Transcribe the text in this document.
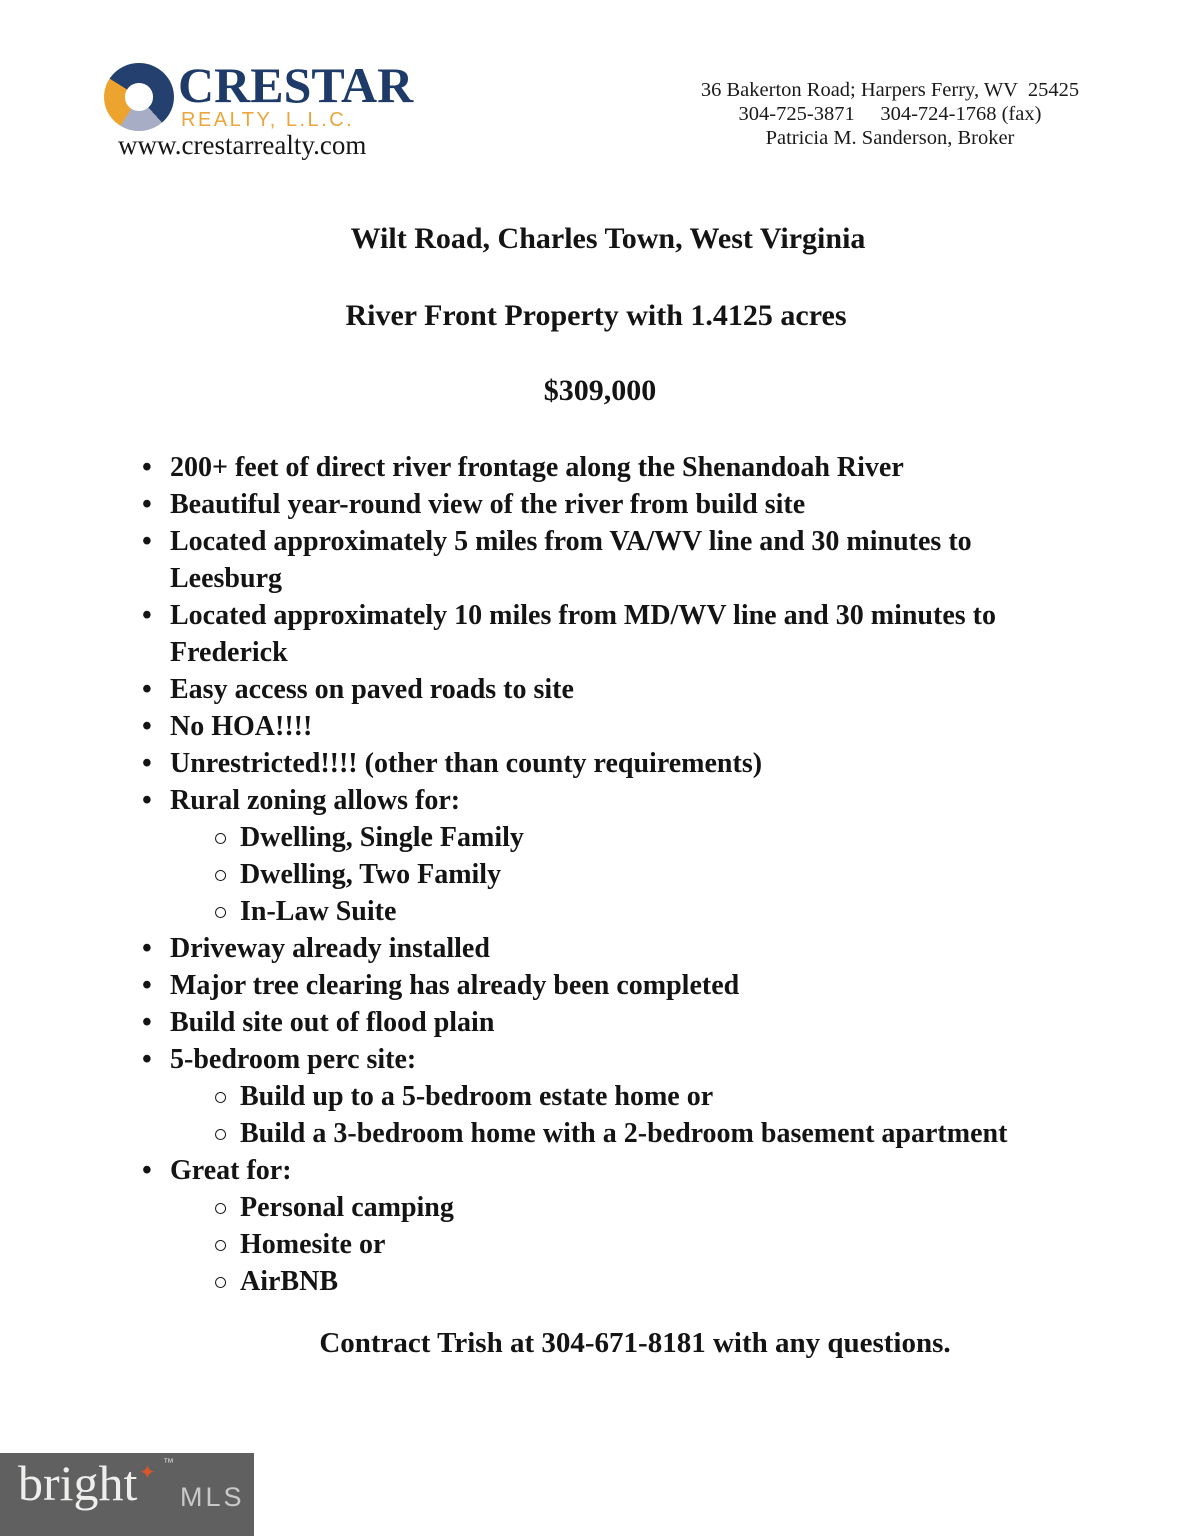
CRESTAR
REALTY, L.L.C.
www.crestarrealty.com
36 Bakerton Road; Harpers Ferry, WV  25425
304-725-3871     304-724-1768 (fax)
Patricia M. Sanderson, Broker
Wilt Road, Charles Town, West Virginia
River Front Property with 1.4125 acres
$309,000
• 200+ feet of direct river frontage along the Shenandoah River
• Beautiful year-round view of the river from build site
• Located approximately 5 miles from VA/WV line and 30 minutes to Leesburg
• Located approximately 10 miles from MD/WV line and 30 minutes to Frederick
• Easy access on paved roads to site
• No HOA!!!!
• Unrestricted!!!! (other than county requirements)
• Rural zoning allows for:
○ Dwelling, Single Family
○ Dwelling, Two Family
○ In-Law Suite
• Driveway already installed
• Major tree clearing has already been completed
• Build site out of flood plain
• 5-bedroom perc site:
○ Build up to a 5-bedroom estate home or
○ Build a 3-bedroom home with a 2-bedroom basement apartment
• Great for:
○ Personal camping
○ Homesite or
○ AirBNB
Contract Trish at 304-671-8181 with any questions.
bright ✦ ™
MLS
